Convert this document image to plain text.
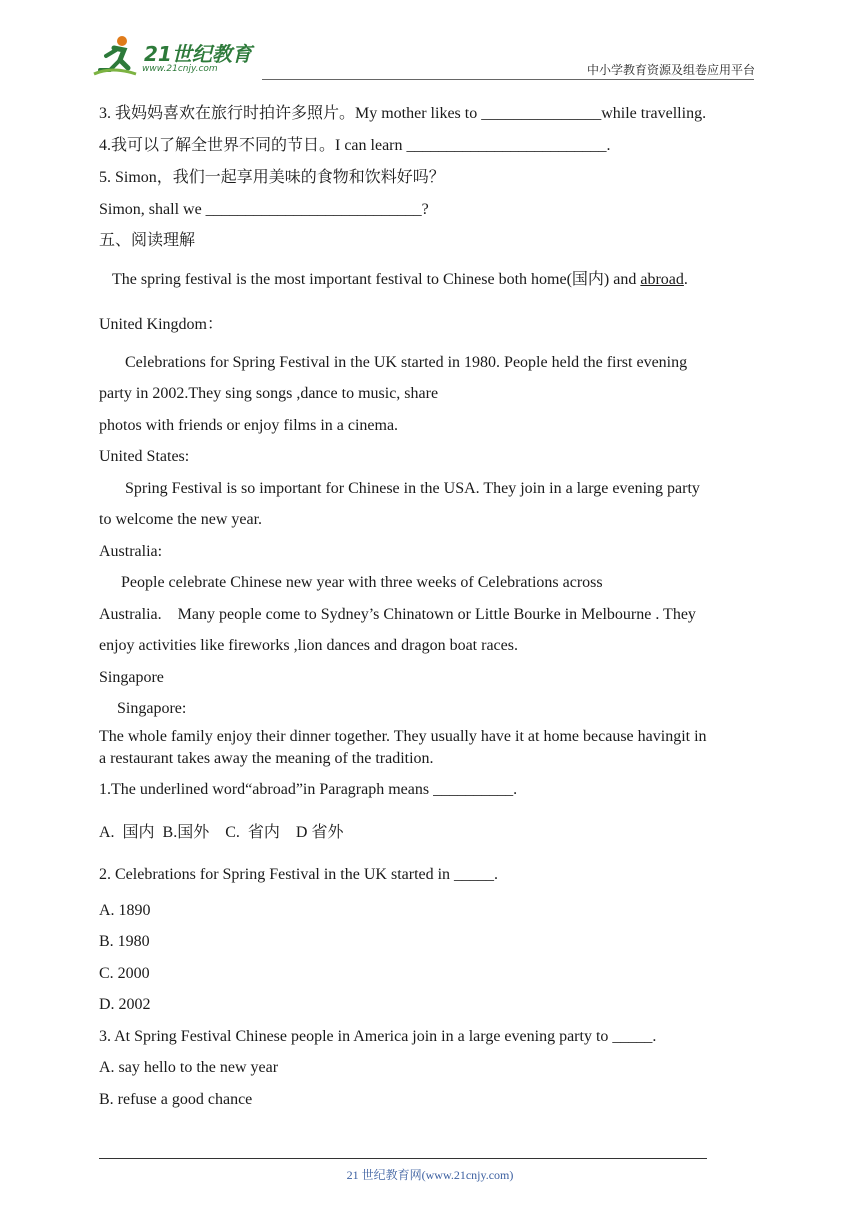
21世纪教育
www.21cnjy.com	中小学教育资源及组卷应用平台
3. 我妈妈喜欢在旅行时拍许多照片。My mother likes to _______________while travelling.
4.我可以了解全世界不同的节日。I can learn _________________________.
5. Simon，我们一起享用美味的食物和饮料好吗？
Simon, shall we ___________________________?
五、阅读理解
The spring festival is the most important festival to Chinese both home(国内) and abroad.
United Kingdom：
Celebrations for Spring Festival in the UK started in 1980. People held the first evening
party in 2002.They sing songs ,dance to music, share
photos with friends or enjoy films in a cinema.
United States:
Spring Festival is so important for Chinese in the USA. They join in a large evening party
to welcome the new year.
Australia:
People celebrate Chinese new year with three weeks of Celebrations across
Australia.    Many people come to Sydney’s Chinatown or Little Bourke in Melbourne . They
enjoy activities like fireworks ,lion dances and dragon boat races.
Singapore
Singapore:
The whole family enjoy their dinner together. They usually have it at home because havingit in
a restaurant takes away the meaning of the tradition.
1.The underlined word“abroad”in Paragraph means __________.
A.  国内  B.国外    C.  省内    D 省外
2. Celebrations for Spring Festival in the UK started in _____.
A. 1890
B. 1980
C. 2000
D. 2002
3. At Spring Festival Chinese people in America join in a large evening party to _____.
A. say hello to the new year
B. refuse a good chance
21 世纪教育网(www.21cnjy.com)
